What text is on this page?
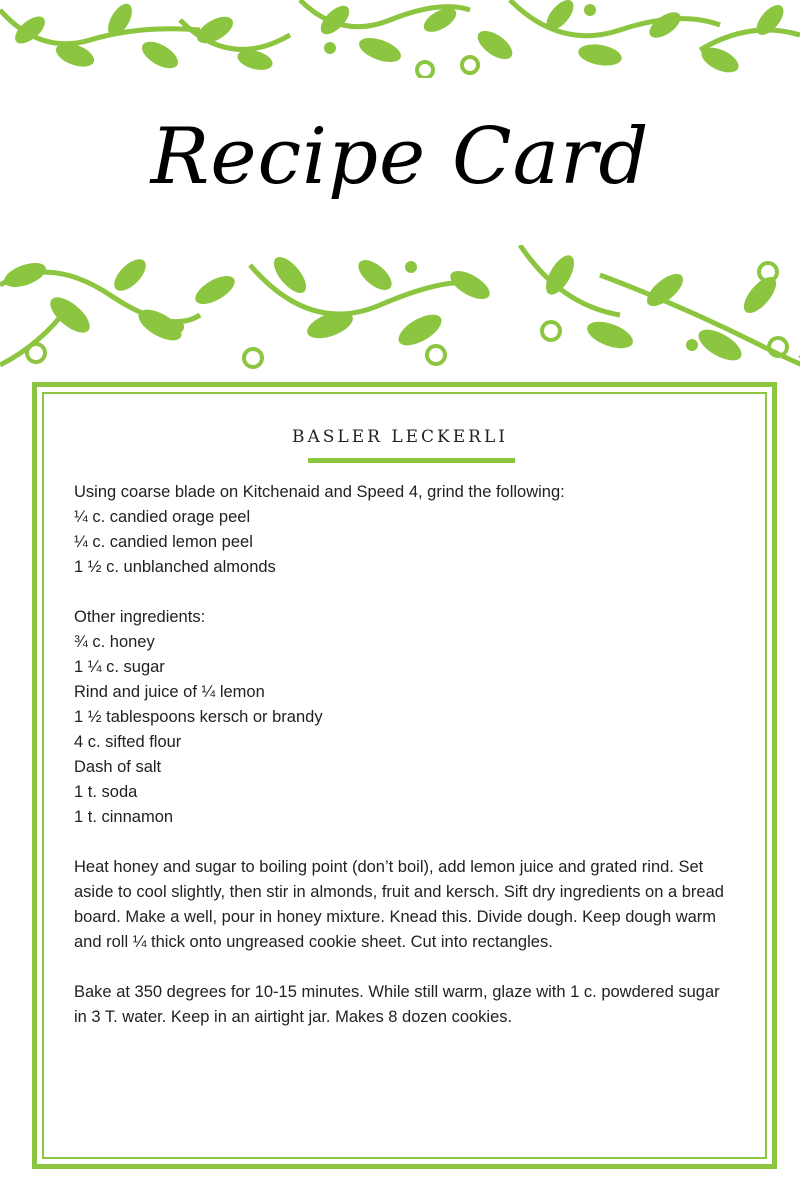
Recipe Card
BASLER LECKERLI
Using coarse blade on Kitchenaid and Speed 4, grind the following:
¼ c. candied orage peel
¼ c. candied lemon peel
1 ½ c. unblanched almonds
Other ingredients:
¾ c. honey
1 ¼ c. sugar
Rind and juice of ¼ lemon
1 ½ tablespoons kersch or brandy
4 c. sifted flour
Dash of salt
1 t. soda
1 t. cinnamon
Heat honey and sugar to boiling point (don’t boil), add lemon juice and grated rind. Set aside to cool slightly, then stir in almonds, fruit and kersch. Sift dry ingredients on a bread board. Make a well, pour in honey mixture. Knead this. Divide dough. Keep dough warm and roll ¼ thick onto ungreased cookie sheet. Cut into rectangles.
Bake at 350 degrees for 10-15 minutes. While still warm, glaze with 1 c. powdered sugar in 3 T. water. Keep in an airtight jar. Makes 8 dozen cookies.
